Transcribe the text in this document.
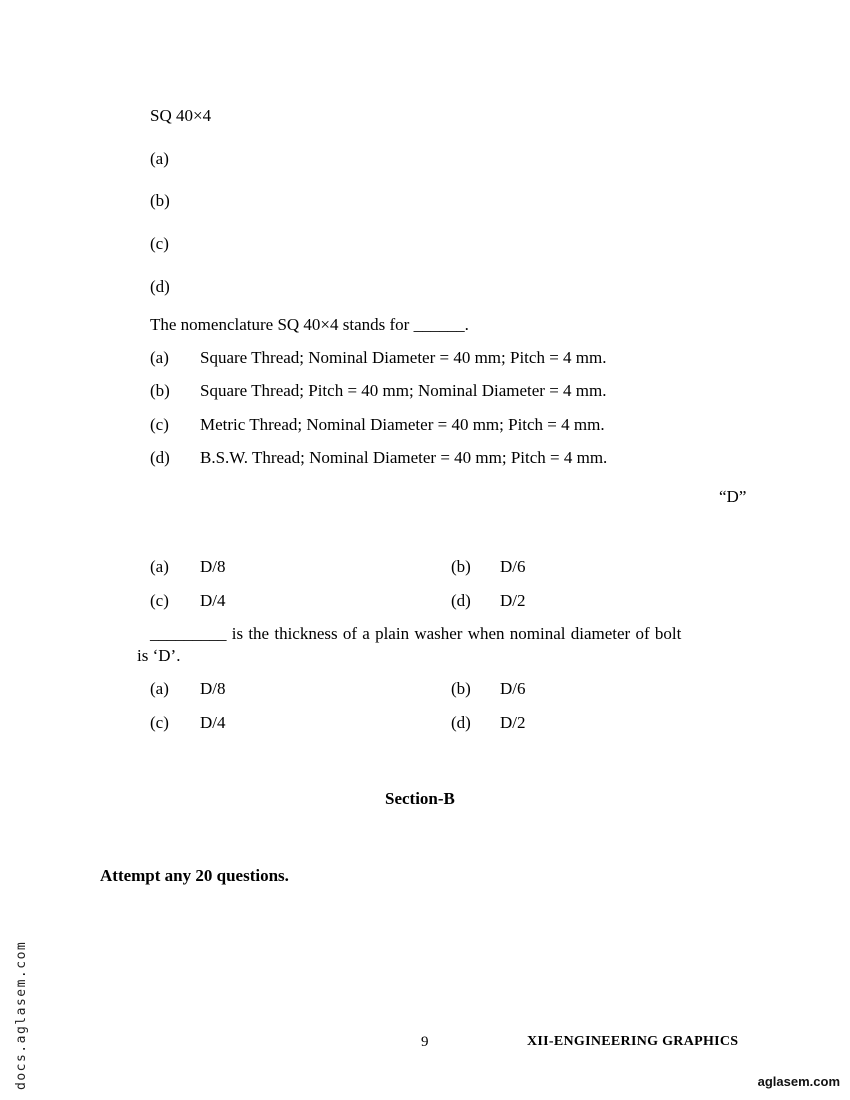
SQ 40×4
(a)
(b)
(c)
(d)
The nomenclature SQ 40×4 stands for ______.
(a) Square Thread; Nominal Diameter = 40 mm; Pitch = 4 mm.
(b) Square Thread; Pitch = 40 mm; Nominal Diameter = 4 mm.
(c) Metric Thread; Nominal Diameter = 40 mm; Pitch = 4 mm.
(d) B.S.W. Thread; Nominal Diameter = 40 mm; Pitch = 4 mm.
“D”
(a) D/8	(b) D/6
(c) D/4	(d) D/2
_________ is the thickness of a plain washer when nominal diameter of bolt
is ‘D’.
(a) D/8	(b) D/6
(c) D/4	(d) D/2
Section-B
Attempt any 20 questions.
9	XII-ENGINEERING GRAPHICS
docs.aglasem.com	aglasem.com
